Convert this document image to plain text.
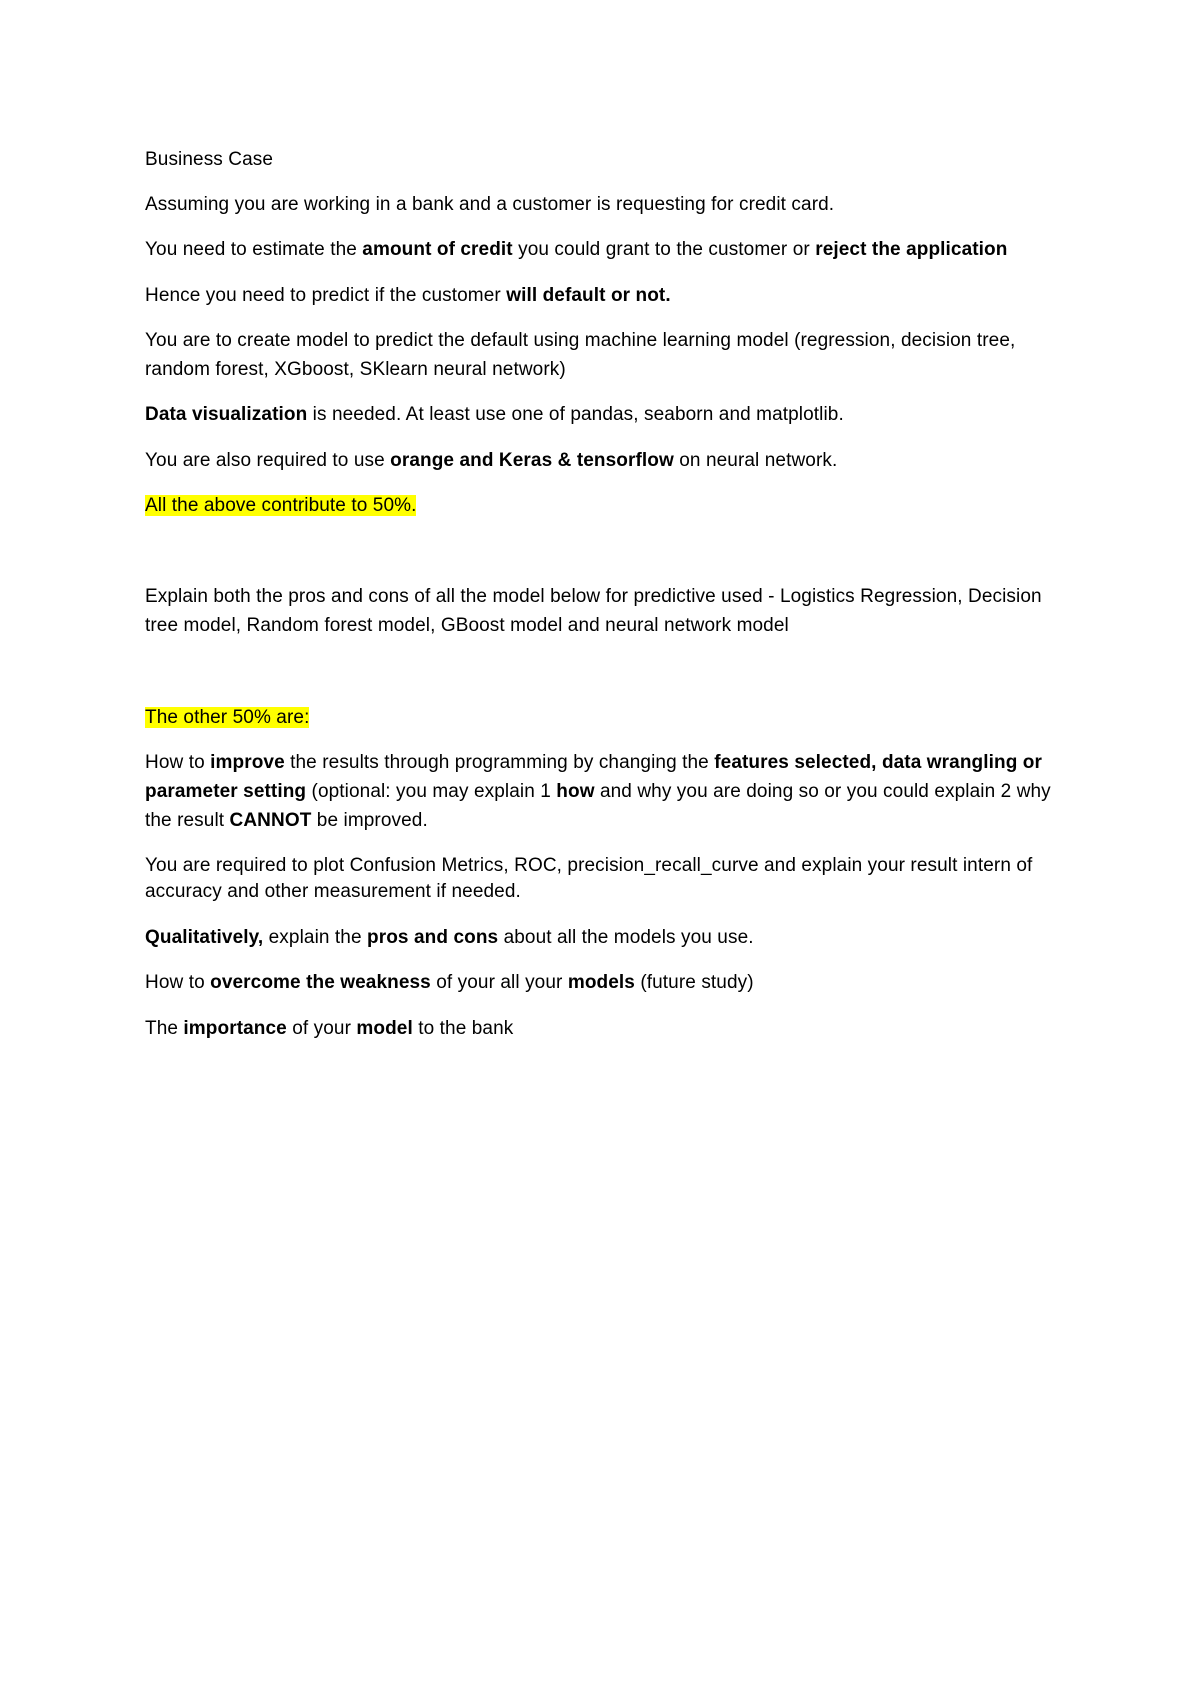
Business Case

Assuming you are working in a bank and a customer is requesting for credit card.

You need to estimate the amount of credit you could grant to the customer or reject the application

Hence you need to predict if the customer will default or not.

You are to create model to predict the default using machine learning model (regression, decision tree, random forest, XGboost, SKlearn neural network)

Data visualization is needed. At least use one of pandas, seaborn and matplotlib.

You are also required to use orange and Keras & tensorflow on neural network.

All the above contribute to 50%.

Explain both the pros and cons of all the model below for predictive used - Logistics Regression, Decision tree model, Random forest model, GBoost model and neural network model

The other 50% are:

How to improve the results through programming by changing the features selected, data wrangling or parameter setting (optional: you may explain 1 how and why you are doing so or you could explain 2 why the result CANNOT be improved.

You are required to plot Confusion Metrics, ROC, precision_recall_curve and explain your result intern of accuracy and other measurement if needed.

Qualitatively, explain the pros and cons about all the models you use.

How to overcome the weakness of your all your models (future study)

The importance of your model to the bank
